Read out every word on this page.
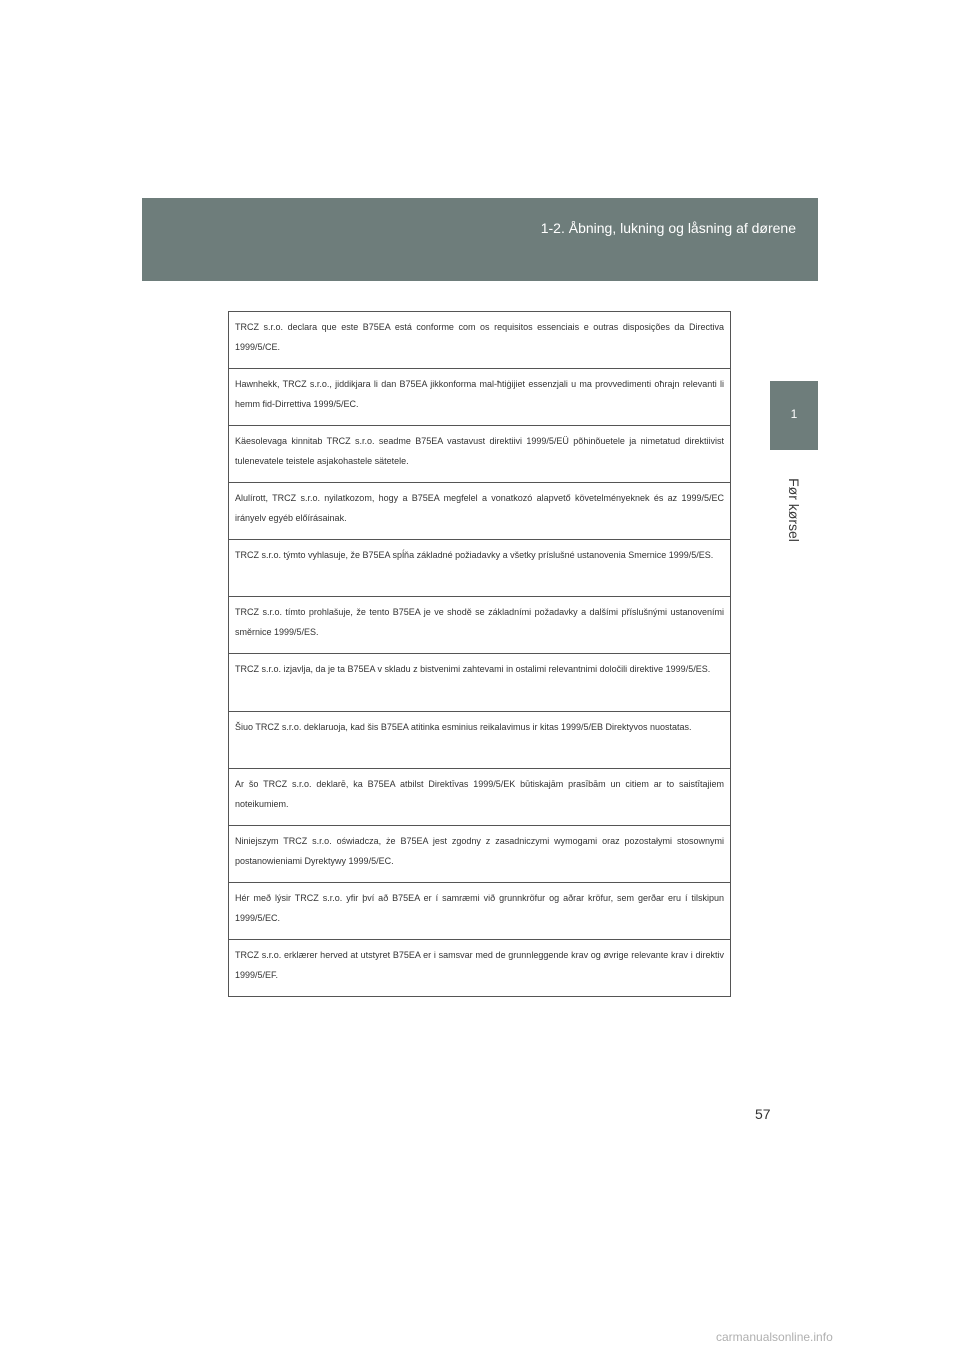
1-2. Åbning, lukning og låsning af dørene
1
Før kørsel

TRCZ s.r.o. declara que este B75EA está conforme com os requisitos essenciais e outras disposições da Directiva 1999/5/CE.

Hawnhekk, TRCZ s.r.o., jiddikjara li dan B75EA jikkonforma mal-ħtiġijiet essenzjali u ma provvedimenti oħrajn relevanti li hemm fid-Dirrettiva 1999/5/EC.

Käesolevaga kinnitab TRCZ s.r.o. seadme B75EA vastavust direktiivi 1999/5/EÜ põhinõuetele ja nimetatud direktiivist tulenevatele teistele asjakohastele sätetele.

Alulírott, TRCZ s.r.o. nyilatkozom, hogy a B75EA megfelel a vonatkozó alapvető követelményeknek és az 1999/5/EC irányelv egyéb előírásainak.

TRCZ s.r.o. týmto vyhlasuje, že B75EA spĺňa základné požiadavky a všetky príslušné ustanovenia Smernice 1999/5/ES.

TRCZ s.r.o. tímto prohlašuje, že tento B75EA je ve shodě se základními požadavky a dalšími příslušnými ustanoveními směrnice 1999/5/ES.

TRCZ s.r.o. izjavlja, da je ta B75EA v skladu z bistvenimi zahtevami in ostalimi relevantnimi določili direktive 1999/5/ES.

Šiuo TRCZ s.r.o. deklaruoja, kad šis B75EA atitinka esminius reikalavimus ir kitas 1999/5/EB Direktyvos nuostatas.

Ar šo TRCZ s.r.o. deklarē, ka B75EA atbilst Direktīvas 1999/5/EK būtiskajām prasībām un citiem ar to saistītajiem noteikumiem.

Niniejszym TRCZ s.r.o. oświadcza, że B75EA jest zgodny z zasadniczymi wymogami oraz pozostałymi stosownymi postanowieniami Dyrektywy 1999/5/EC.

Hér með lýsir TRCZ s.r.o. yfir því að B75EA er í samræmi við grunnkröfur og aðrar kröfur, sem gerðar eru í tilskipun 1999/5/EC.

TRCZ s.r.o. erklærer herved at utstyret B75EA er i samsvar med de grunnleggende krav og øvrige relevante krav i direktiv 1999/5/EF.

57
carmanualsonline.info
